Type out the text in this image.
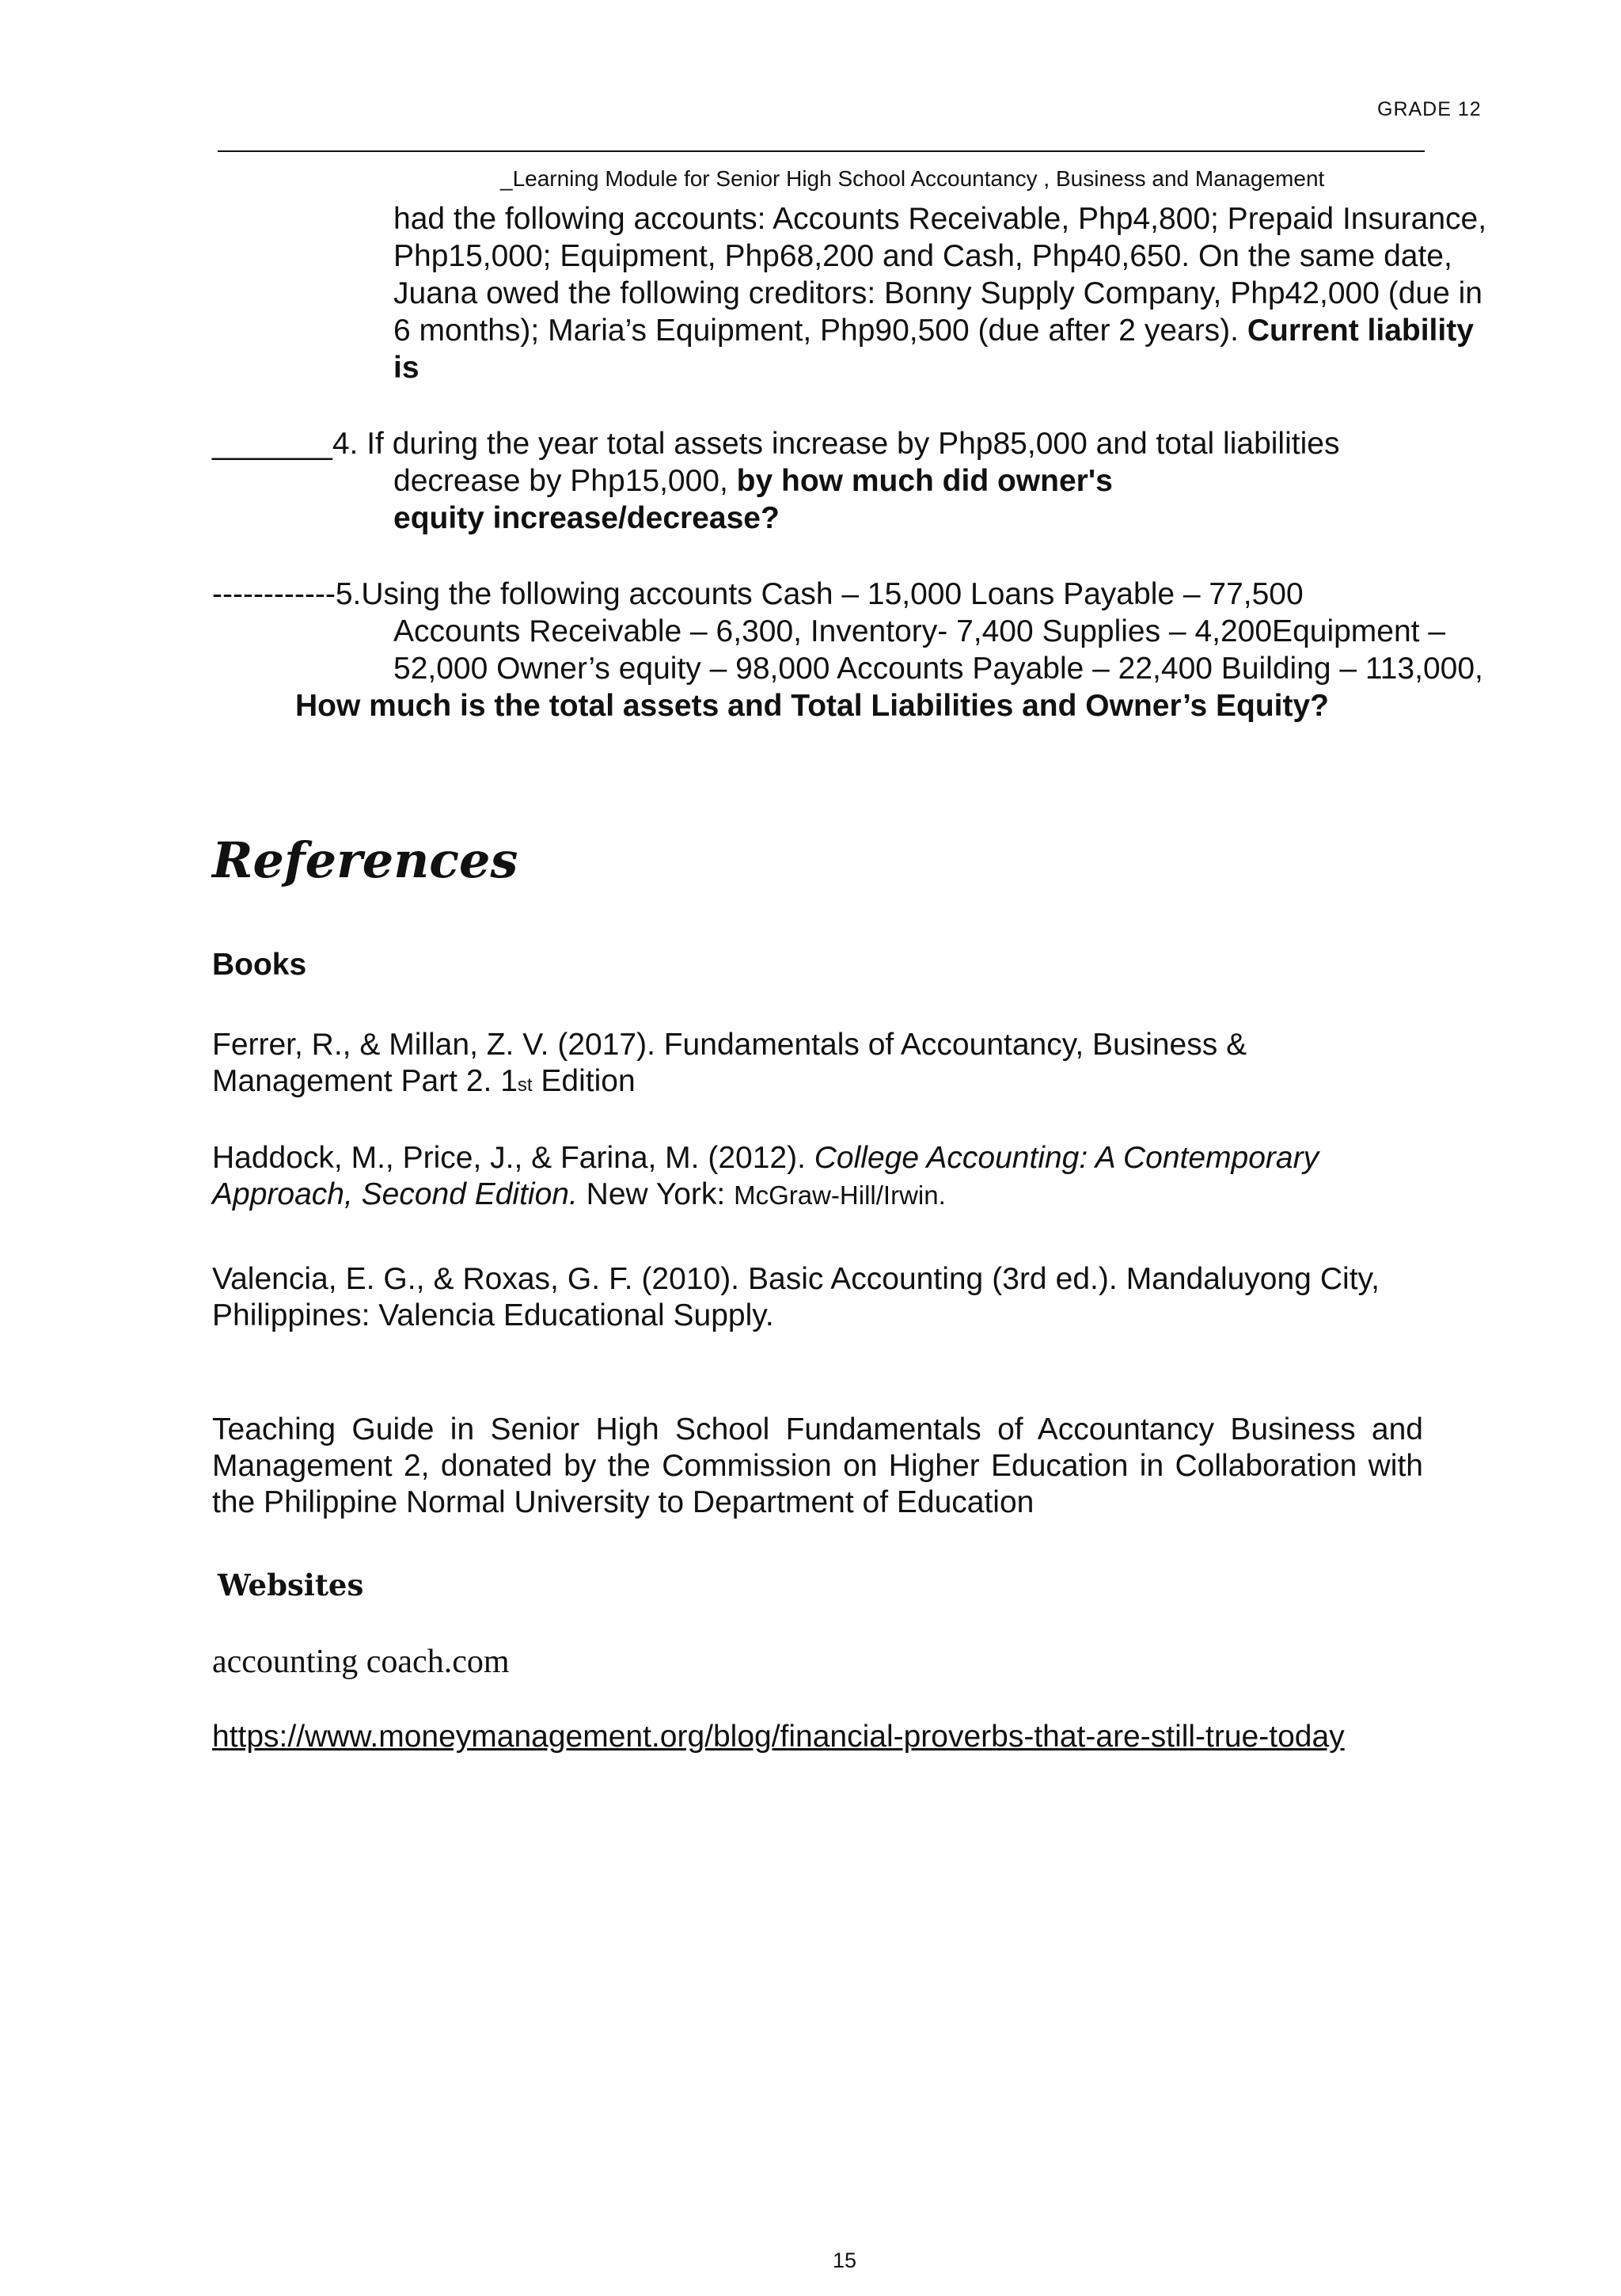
GRADE 12
_Learning Module for Senior High School Accountancy , Business and Management
had the following accounts: Accounts Receivable, Php4,800; Prepaid Insurance, Php15,000; Equipment, Php68,200 and Cash, Php40,650. On the same date, Juana owed the following creditors: Bonny Supply Company, Php42,000 (due in 6 months); Maria’s Equipment, Php90,500 (due after 2 years). Current liability is
_______4. If during the year total assets increase by Php85,000 and total liabilities
decrease by Php15,000, by how much did owner's
equity increase/decrease?
------------5.Using the following accounts Cash – 15,000 Loans Payable – 77,500
Accounts Receivable – 6,300, Inventory- 7,400 Supplies – 4,200Equipment – 52,000 Owner’s equity – 98,000 Accounts Payable – 22,400 Building – 113,000,
How much is the total assets and Total Liabilities and Owner’s Equity?
References
Books
Ferrer, R., & Millan, Z. V. (2017). Fundamentals of Accountancy, Business &
Management Part 2. 1st Edition
Haddock, M., Price, J., & Farina, M. (2012). College Accounting: A Contemporary Approach, Second Edition. New York: McGraw-Hill/Irwin.
Valencia, E. G., & Roxas, G. F. (2010). Basic Accounting (3rd ed.). Mandaluyong City, Philippines: Valencia Educational Supply.
Teaching Guide in Senior High School Fundamentals of Accountancy Business and Management 2, donated by the Commission on Higher Education in Collaboration with the Philippine Normal University to Department of Education
Websites
accounting coach.com
https://www.moneymanagement.org/blog/financial-proverbs-that-are-still-true-today
15
